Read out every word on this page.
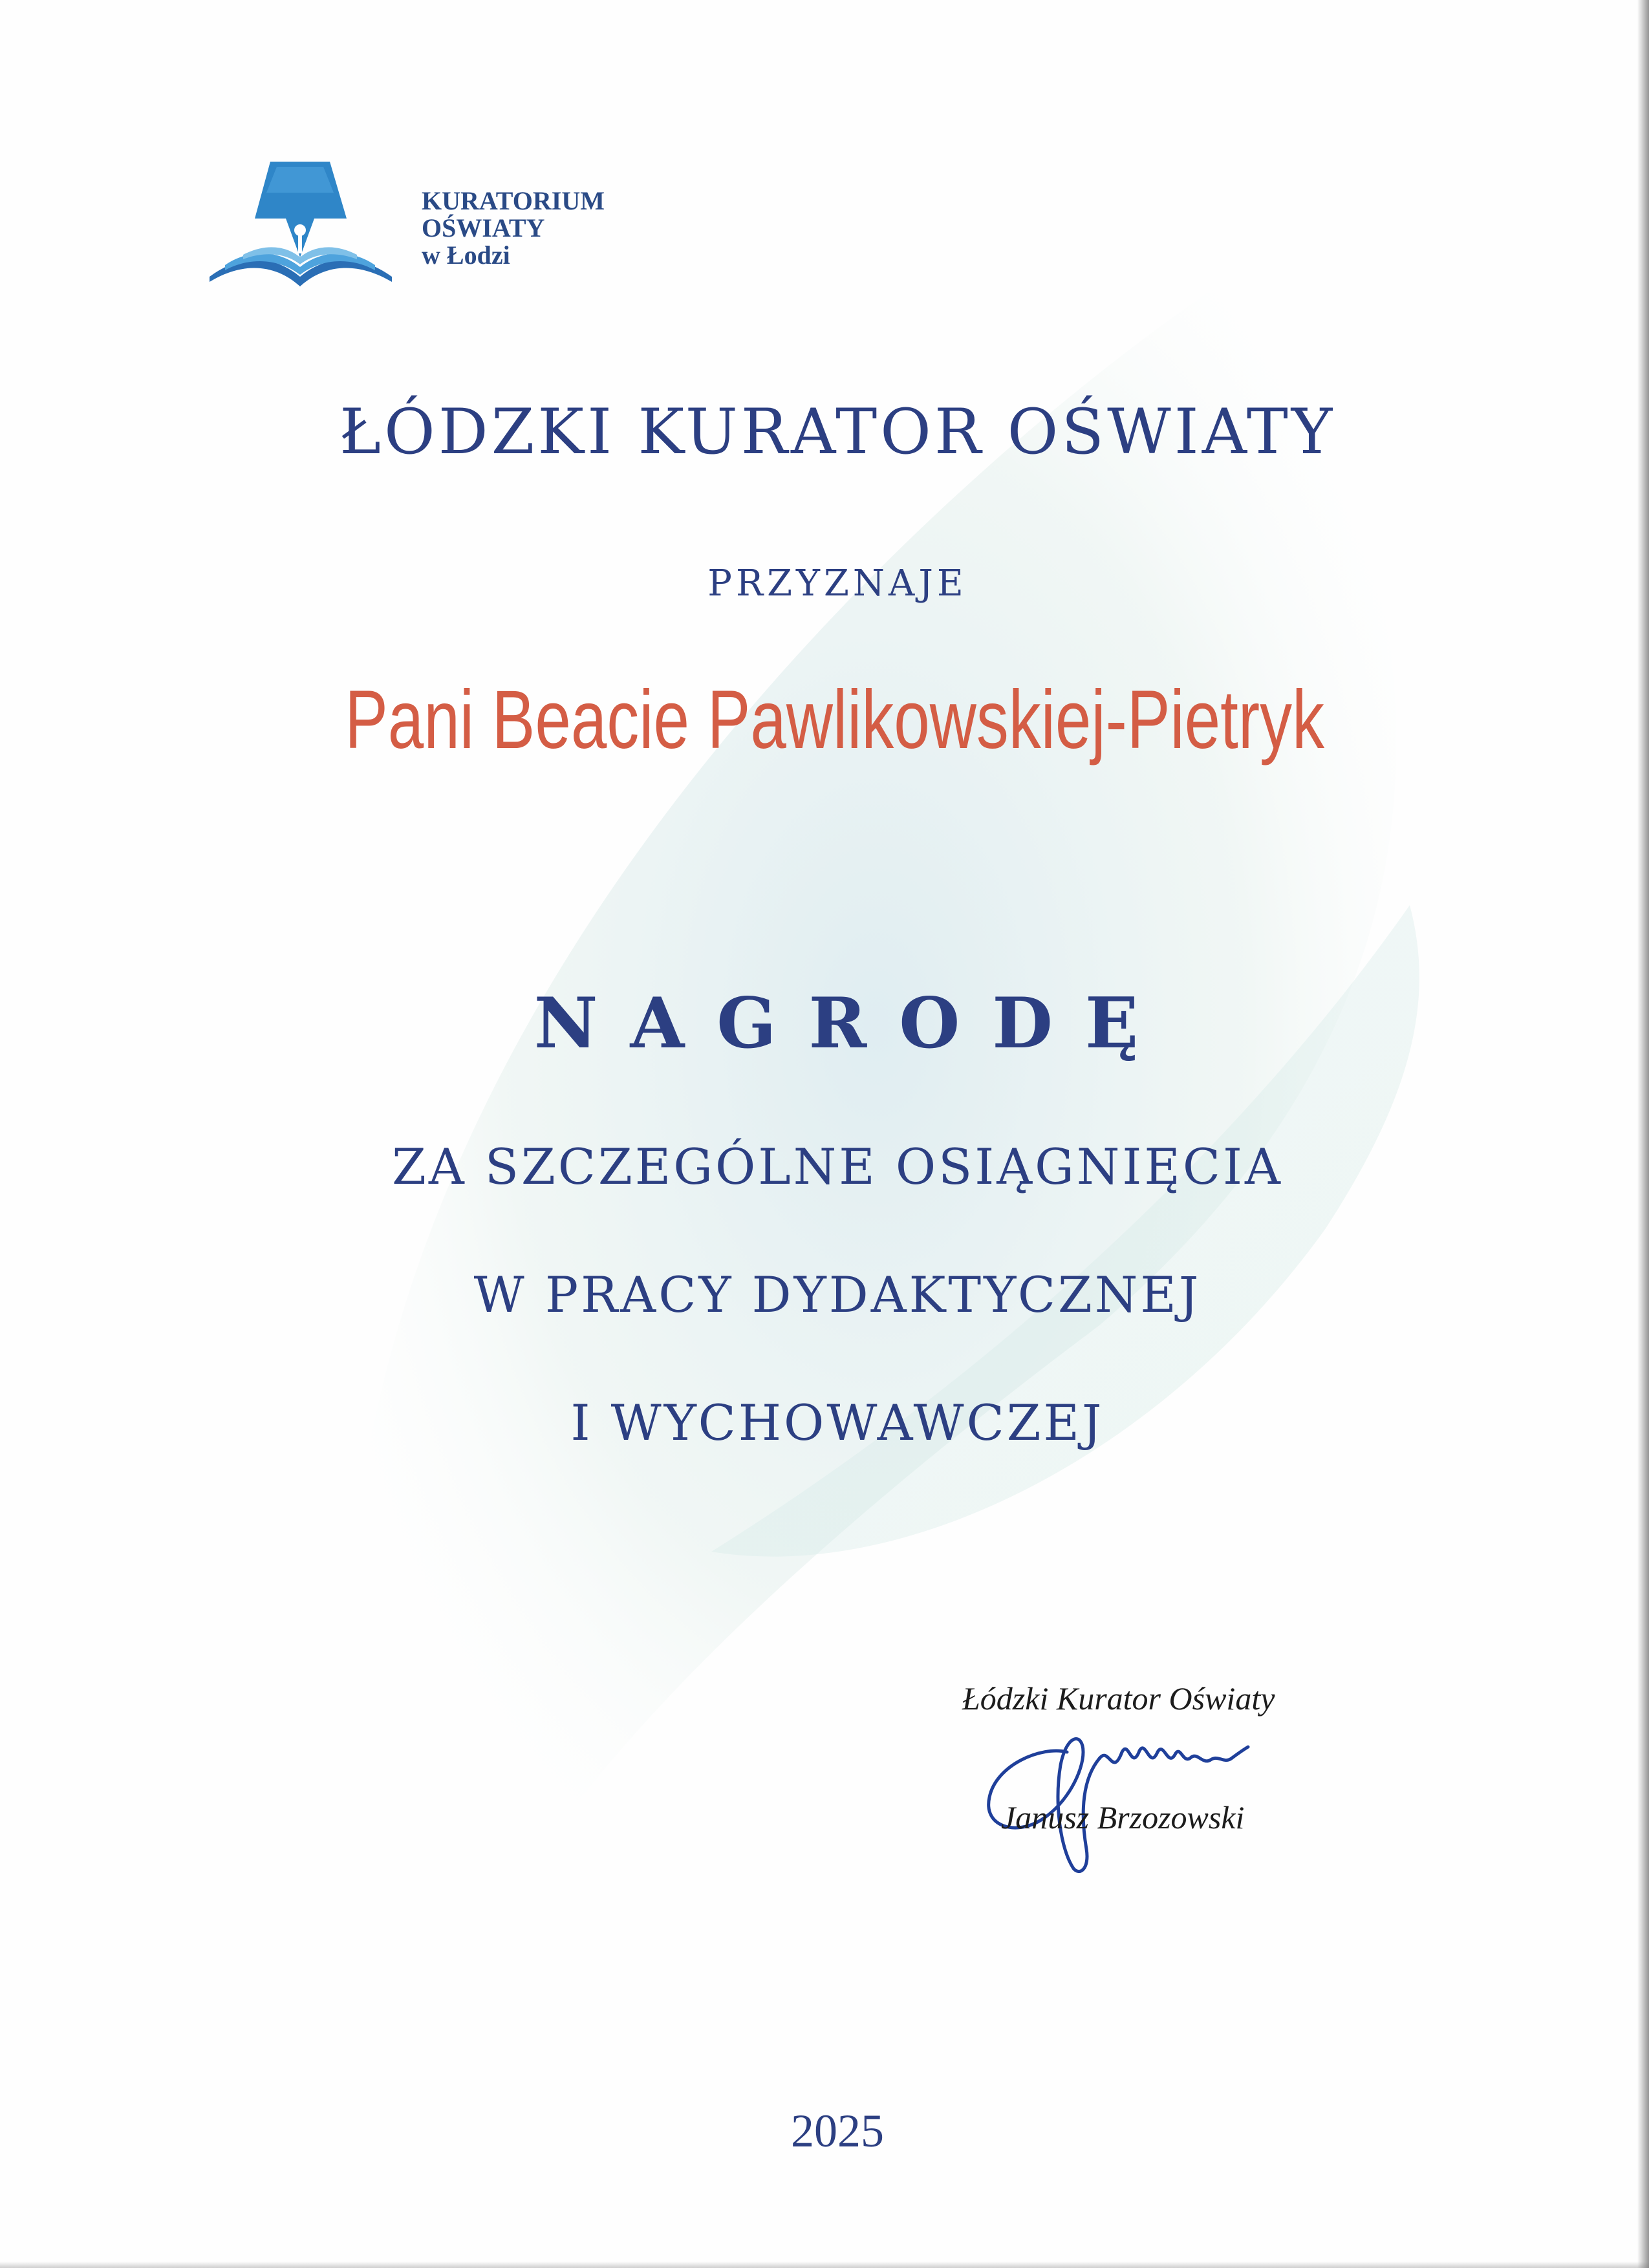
KURATORIUM
OŚWIATY
w Łodzi
ŁÓDZKI KURATOR OŚWIATY
PRZYZNAJE
Pani Beacie Pawlikowskiej-Pietryk
NAGRODĘ
ZA SZCZEGÓLNE OSIĄGNIĘCIA
W PRACY DYDAKTYCZNEJ
I WYCHOWAWCZEJ
Łódzki Kurator Oświaty
Janusz Brzozowski
2025
